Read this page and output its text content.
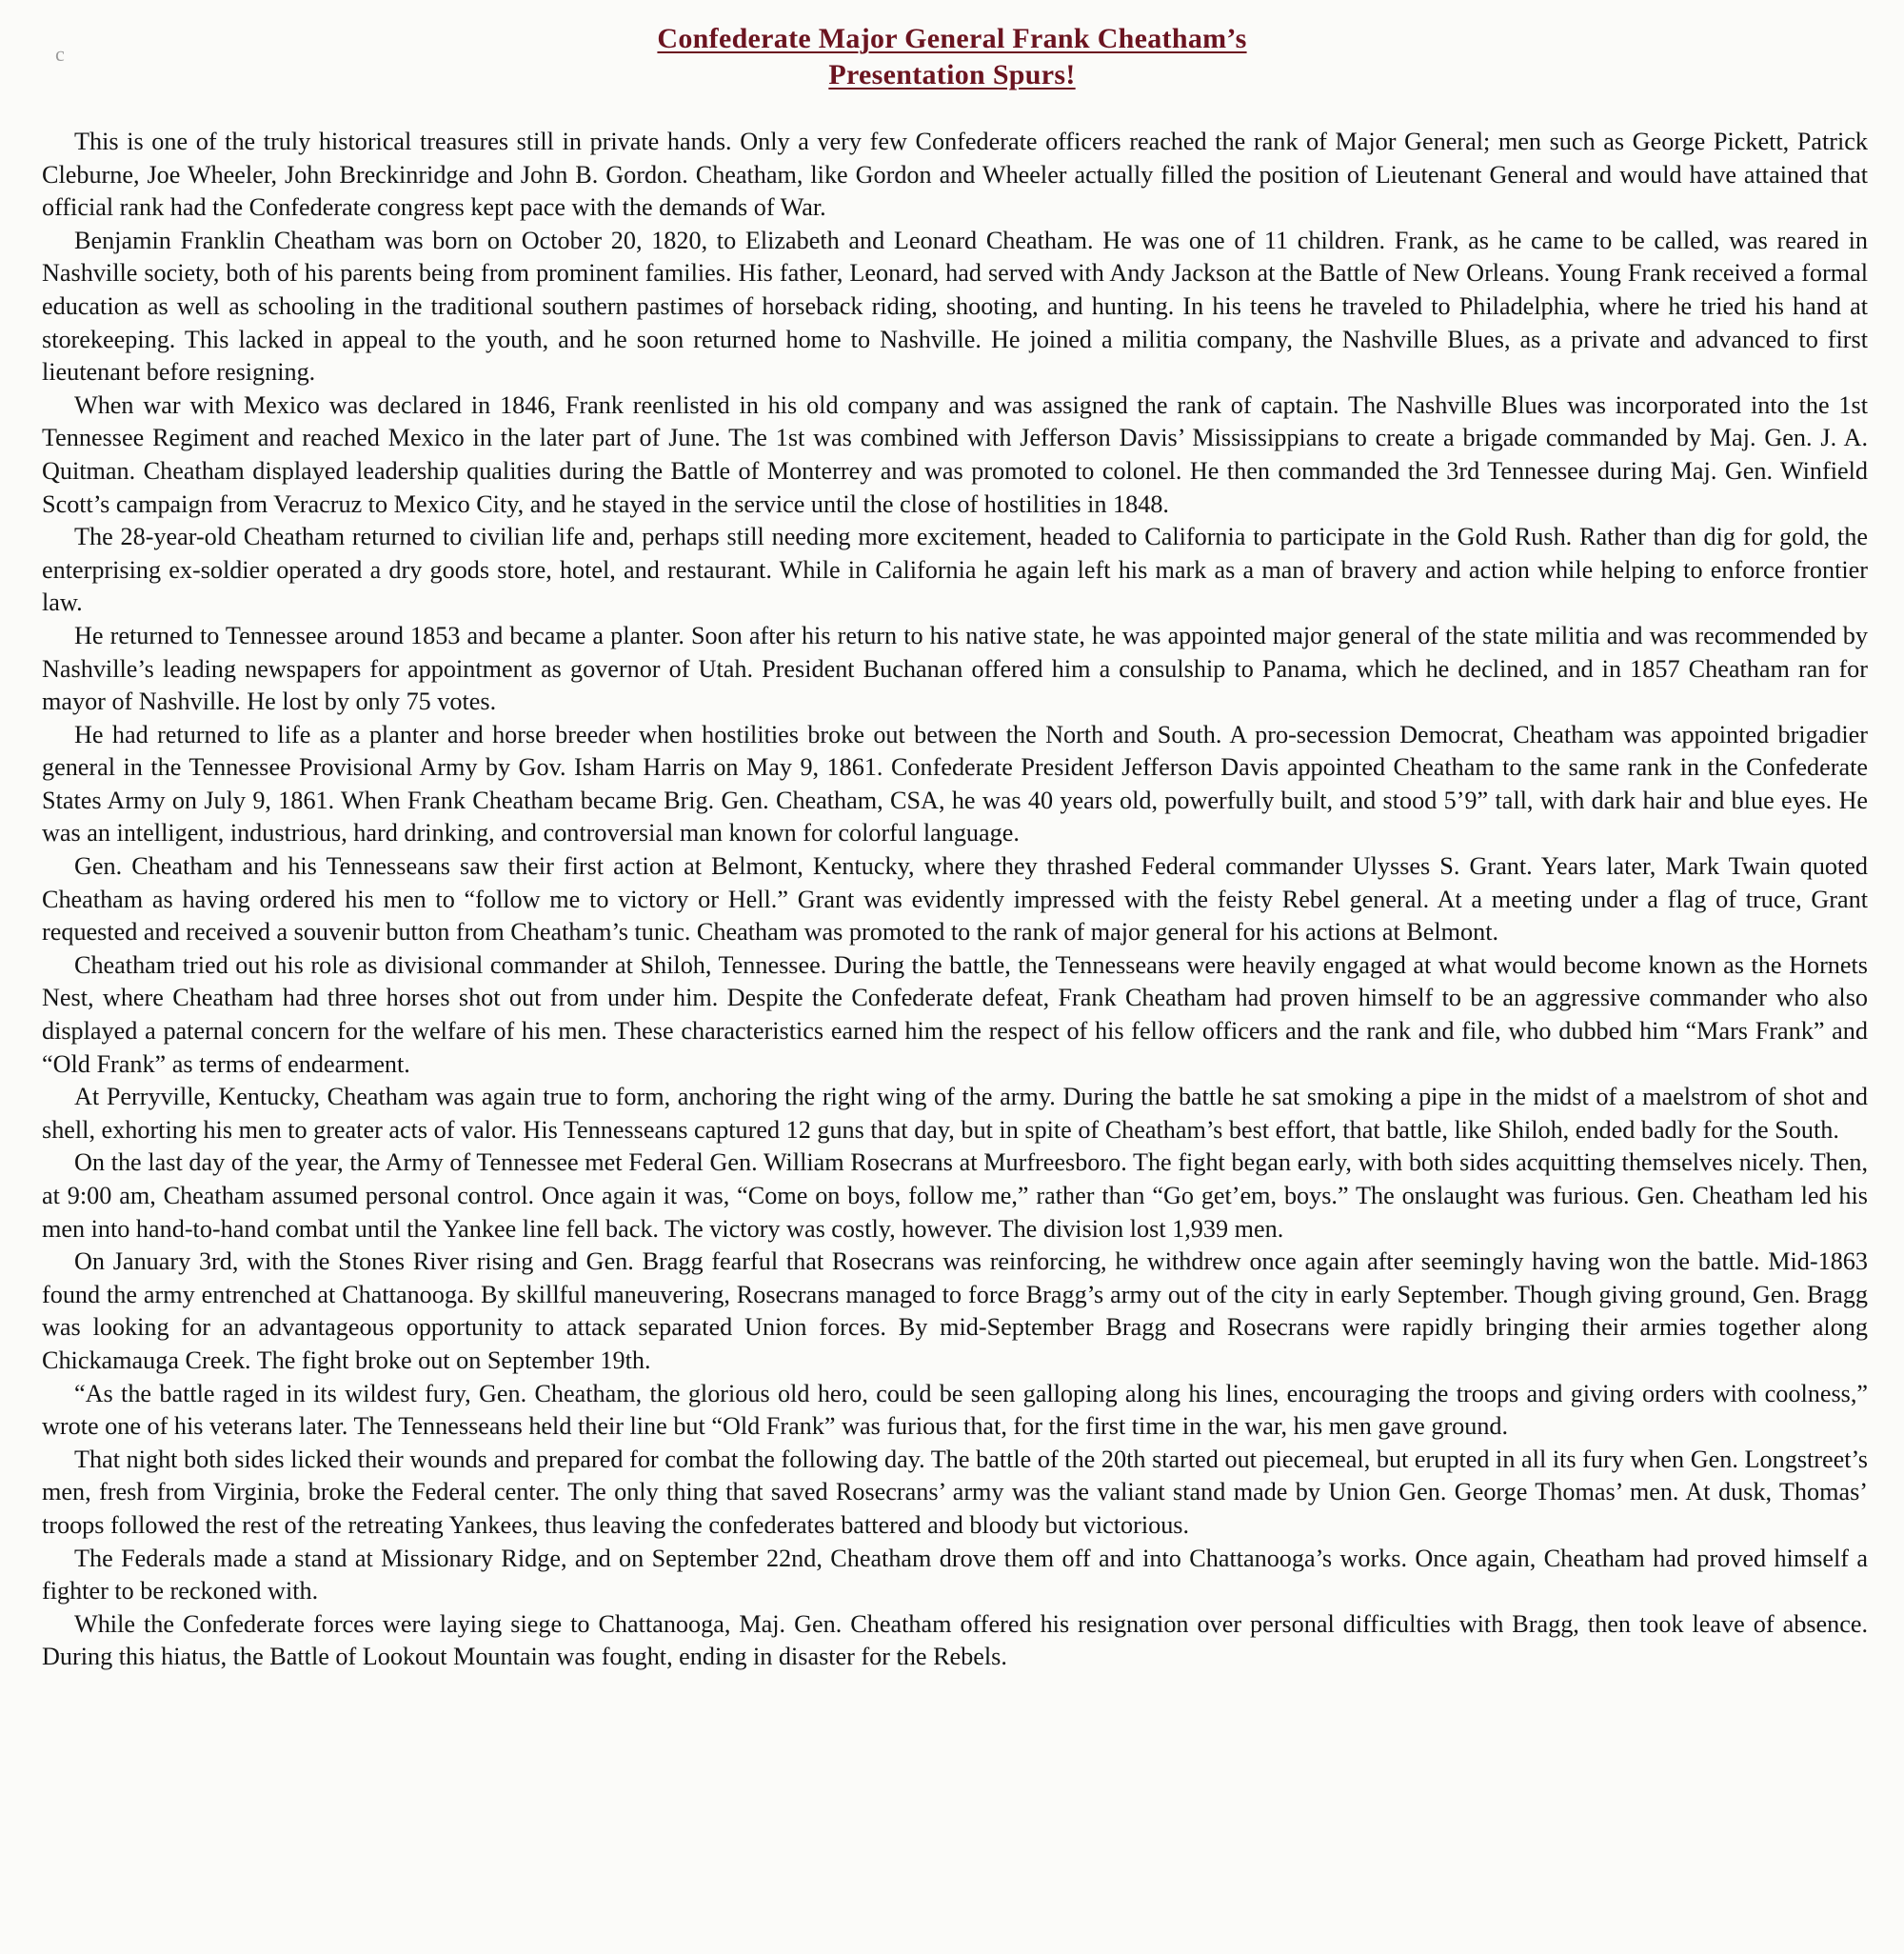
c	Confederate Major General Frank Cheatham’s
Presentation Spurs!

This is one of the truly historical treasures still in private hands. Only a very few Confederate officers reached the rank of Major General; men such as George Pickett, Patrick Cleburne, Joe Wheeler, John Breckinridge and John B. Gordon. Cheatham, like Gordon and Wheeler actually filled the position of Lieutenant General and would have attained that official rank had the Confederate congress kept pace with the demands of War.

Benjamin Franklin Cheatham was born on October 20, 1820, to Elizabeth and Leonard Cheatham. He was one of 11 children. Frank, as he came to be called, was reared in Nashville society, both of his parents being from prominent families. His father, Leonard, had served with Andy Jackson at the Battle of New Orleans. Young Frank received a formal education as well as schooling in the traditional southern pastimes of horseback riding, shooting, and hunting. In his teens he traveled to Philadelphia, where he tried his hand at storekeeping. This lacked in appeal to the youth, and he soon returned home to Nashville. He joined a militia company, the Nashville Blues, as a private and advanced to first lieutenant before resigning.

When war with Mexico was declared in 1846, Frank reenlisted in his old company and was assigned the rank of captain. The Nashville Blues was incorporated into the 1st Tennessee Regiment and reached Mexico in the later part of June. The 1st was combined with Jefferson Davis’ Mississippians to create a brigade commanded by Maj. Gen. J. A. Quitman. Cheatham displayed leadership qualities during the Battle of Monterrey and was promoted to colonel. He then commanded the 3rd Tennessee during Maj. Gen. Winfield Scott’s campaign from Veracruz to Mexico City, and he stayed in the service until the close of hostilities in 1848.

The 28-year-old Cheatham returned to civilian life and, perhaps still needing more excitement, headed to California to participate in the Gold Rush. Rather than dig for gold, the enterprising ex-soldier operated a dry goods store, hotel, and restaurant. While in California he again left his mark as a man of bravery and action while helping to enforce frontier law.

He returned to Tennessee around 1853 and became a planter. Soon after his return to his native state, he was appointed major general of the state militia and was recommended by Nashville’s leading newspapers for appointment as governor of Utah. President Buchanan offered him a consulship to Panama, which he declined, and in 1857 Cheatham ran for mayor of Nashville. He lost by only 75 votes.

He had returned to life as a planter and horse breeder when hostilities broke out between the North and South. A pro-secession Democrat, Cheatham was appointed brigadier general in the Tennessee Provisional Army by Gov. Isham Harris on May 9, 1861. Confederate President Jefferson Davis appointed Cheatham to the same rank in the Confederate States Army on July 9, 1861. When Frank Cheatham became Brig. Gen. Cheatham, CSA, he was 40 years old, powerfully built, and stood 5’9” tall, with dark hair and blue eyes. He was an intelligent, industrious, hard drinking, and controversial man known for colorful language.

Gen. Cheatham and his Tennesseans saw their first action at Belmont, Kentucky, where they thrashed Federal commander Ulysses S. Grant. Years later, Mark Twain quoted Cheatham as having ordered his men to “follow me to victory or Hell.” Grant was evidently impressed with the feisty Rebel general. At a meeting under a flag of truce, Grant requested and received a souvenir button from Cheatham’s tunic. Cheatham was promoted to the rank of major general for his actions at Belmont.

Cheatham tried out his role as divisional commander at Shiloh, Tennessee. During the battle, the Tennesseans were heavily engaged at what would become known as the Hornets Nest, where Cheatham had three horses shot out from under him. Despite the Confederate defeat, Frank Cheatham had proven himself to be an aggressive commander who also displayed a paternal concern for the welfare of his men. These characteristics earned him the respect of his fellow officers and the rank and file, who dubbed him “Mars Frank” and “Old Frank” as terms of endearment.

At Perryville, Kentucky, Cheatham was again true to form, anchoring the right wing of the army. During the battle he sat smoking a pipe in the midst of a maelstrom of shot and shell, exhorting his men to greater acts of valor. His Tennesseans captured 12 guns that day, but in spite of Cheatham’s best effort, that battle, like Shiloh, ended badly for the South.

On the last day of the year, the Army of Tennessee met Federal Gen. William Rosecrans at Murfreesboro. The fight began early, with both sides acquitting themselves nicely. Then, at 9:00 am, Cheatham assumed personal control. Once again it was, “Come on boys, follow me,” rather than “Go get’em, boys.” The onslaught was furious. Gen. Cheatham led his men into hand-to-hand combat until the Yankee line fell back. The victory was costly, however. The division lost 1,939 men.

On January 3rd, with the Stones River rising and Gen. Bragg fearful that Rosecrans was reinforcing, he withdrew once again after seemingly having won the battle. Mid-1863 found the army entrenched at Chattanooga. By skillful maneuvering, Rosecrans managed to force Bragg’s army out of the city in early September. Though giving ground, Gen. Bragg was looking for an advantageous opportunity to attack separated Union forces. By mid-September Bragg and Rosecrans were rapidly bringing their armies together along Chickamauga Creek. The fight broke out on September 19th.

“As the battle raged in its wildest fury, Gen. Cheatham, the glorious old hero, could be seen galloping along his lines, encouraging the troops and giving orders with coolness,” wrote one of his veterans later. The Tennesseans held their line but “Old Frank” was furious that, for the first time in the war, his men gave ground.

That night both sides licked their wounds and prepared for combat the following day. The battle of the 20th started out piecemeal, but erupted in all its fury when Gen. Longstreet’s men, fresh from Virginia, broke the Federal center. The only thing that saved Rosecrans’ army was the valiant stand made by Union Gen. George Thomas’ men. At dusk, Thomas’ troops followed the rest of the retreating Yankees, thus leaving the confederates battered and bloody but victorious.

The Federals made a stand at Missionary Ridge, and on September 22nd, Cheatham drove them off and into Chattanooga’s works. Once again, Cheatham had proved himself a fighter to be reckoned with.

While the Confederate forces were laying siege to Chattanooga, Maj. Gen. Cheatham offered his resignation over personal difficulties with Bragg, then took leave of absence. During this hiatus, the Battle of Lookout Mountain was fought, ending in disaster for the Rebels.
